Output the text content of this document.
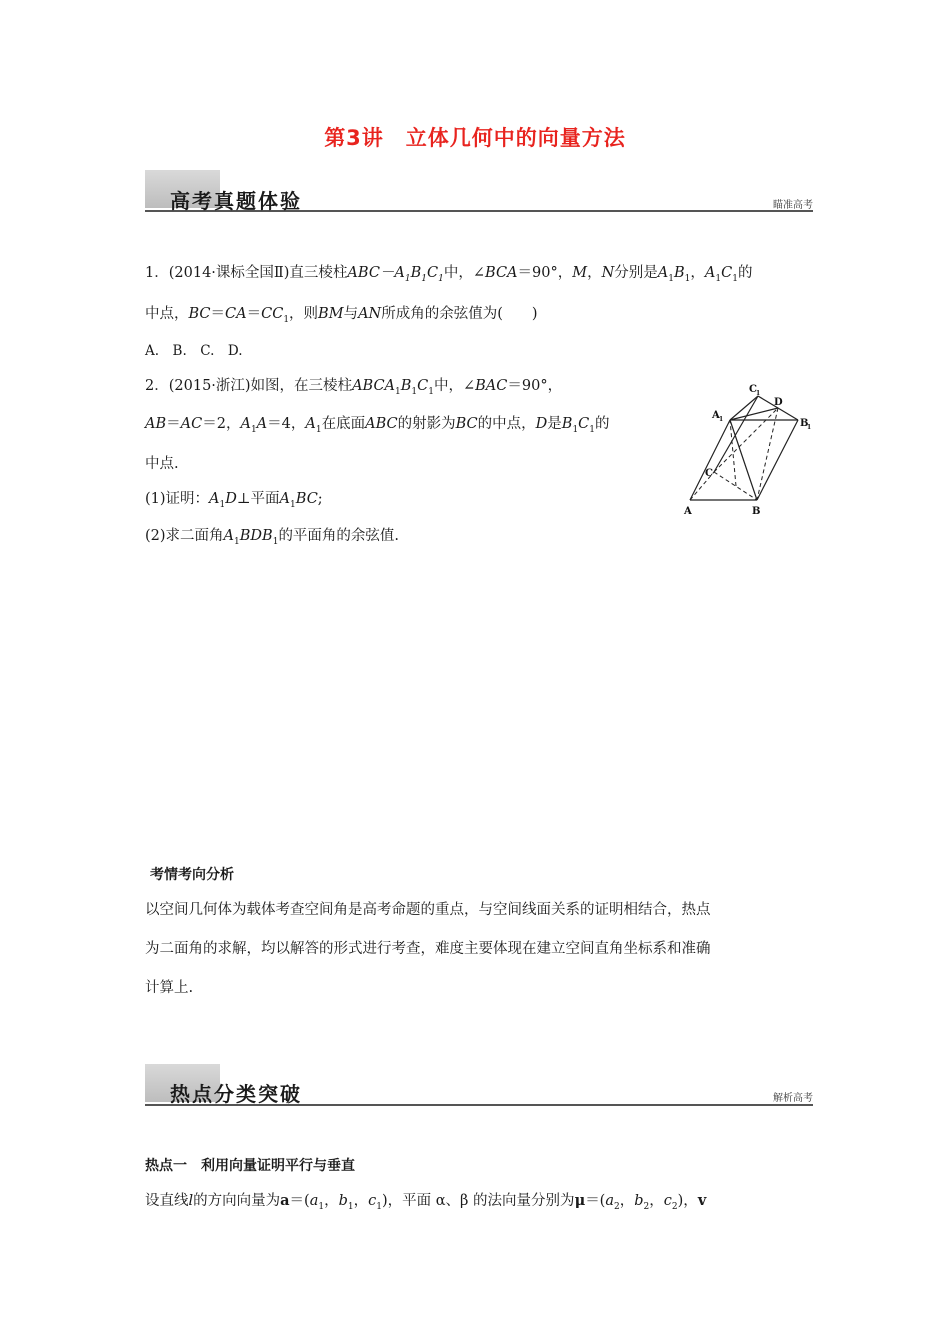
第3讲　立体几何中的向量方法
高考真题体验	瞄准高考
1．(2014·课标全国Ⅱ)直三棱柱$ABC-A_1B_1C_1$中，∠BCA＝90°，M，N分别是$A_1B_1$，$A_1C_1$的
中点，$BC=CA=CC_1$，则BM与AN所成角的余弦值为(　　)
A.　B.　C.　D.
2．(2015·浙江)如图，在三棱柱$ABCA_1B_1C_1$中，∠BAC＝90°，
AB＝AC＝2，$A_1A=4$，$A_1$在底面ABC的射影为BC的中点，D是$B_1C_1$的
中点.
(1)证明：$A_1D\perp$平面$A_1BC$;
(2)求二面角$A_1BDB_1$的平面角的余弦值.
C 1
D
A 1	B
1
C
A	B
考情考向分析
以空间几何体为载体考查空间角是高考命题的重点，与空间线面关系的证明相结合，热点
为二面角的求解，均以解答的形式进行考查，难度主要体现在建立空间直角坐标系和准确
计算上.
热点分类突破	解析高考
热点一　利用向量证明平行与垂直
设直线l的方向向量为$a=(a_1$，$b_1$，$c_1$)，平面 α、β 的法向量分别为$\mu=(a_2$，$b_2$，$c_2$)，v
